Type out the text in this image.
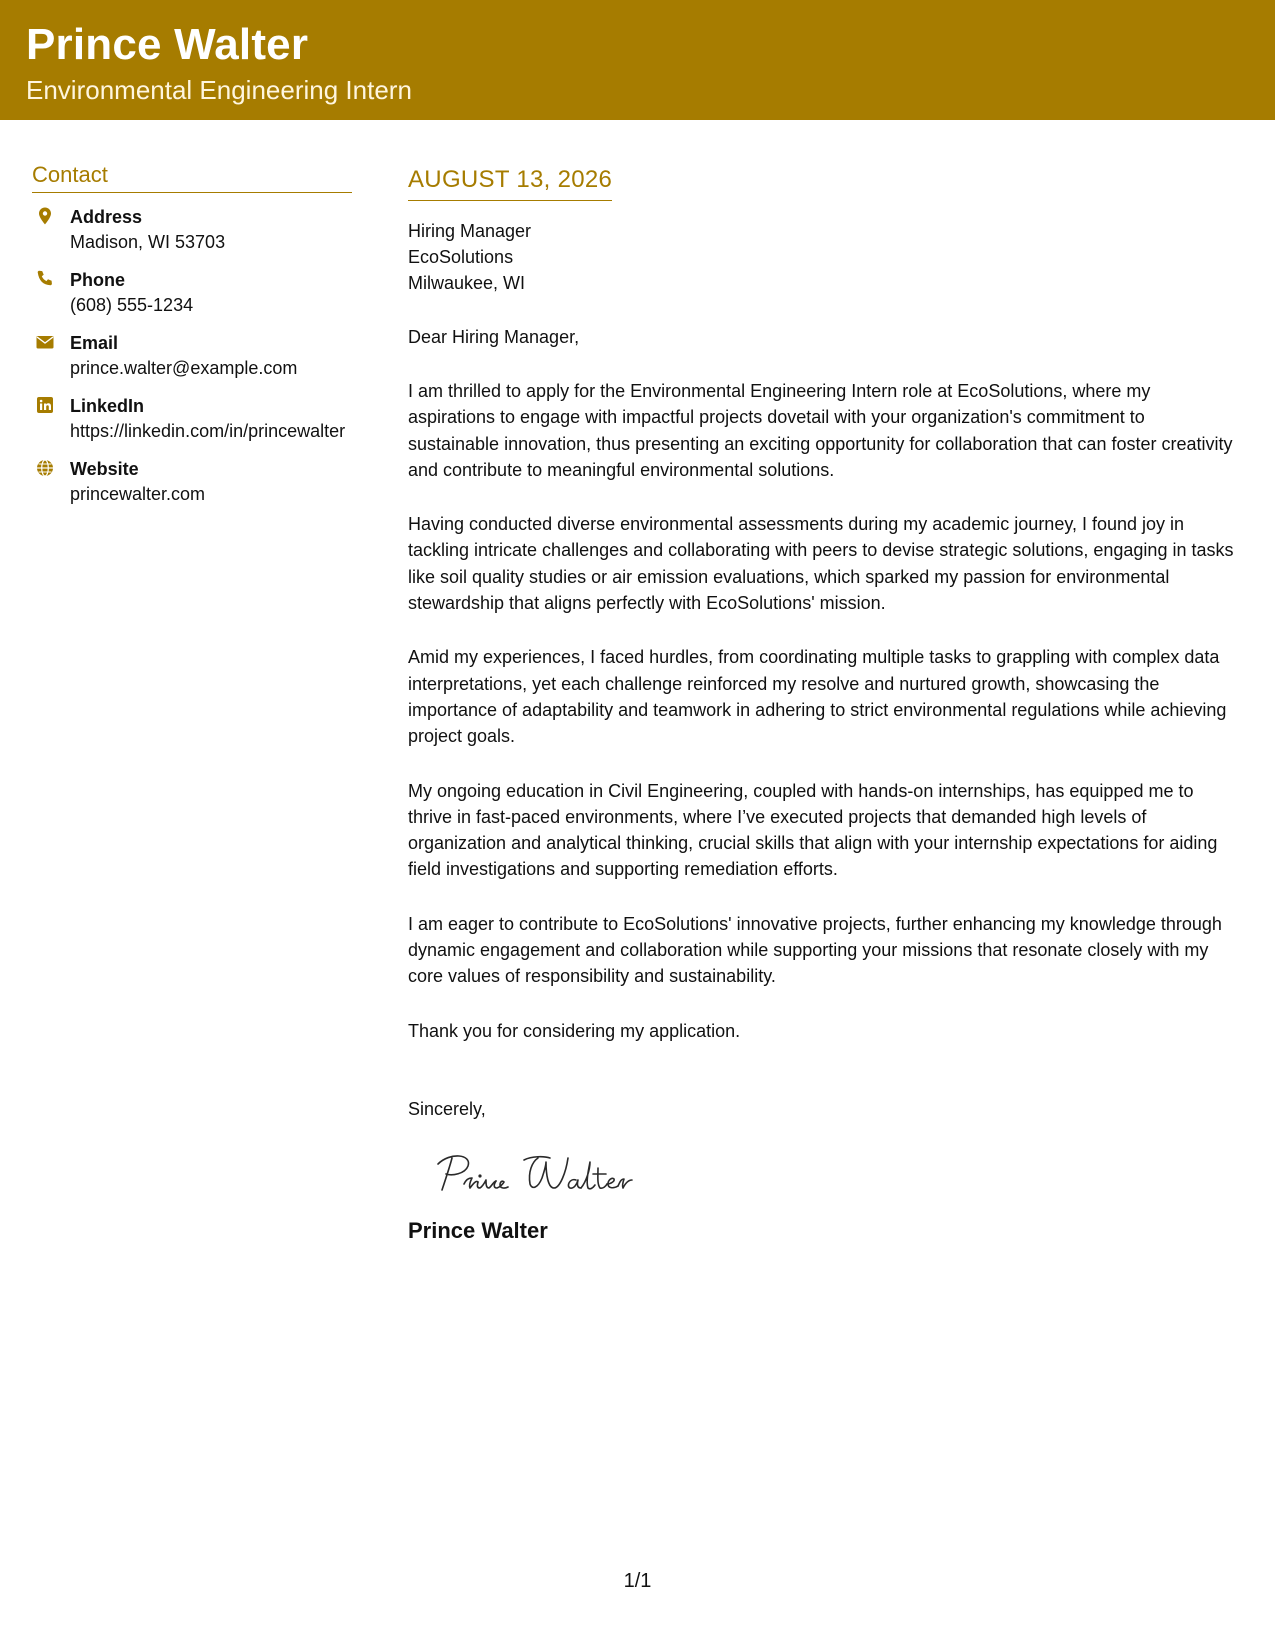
Prince Walter
Environmental Engineering Intern
Contact
Address
Madison, WI 53703
Phone
(608) 555-1234
Email
prince.walter@example.com
LinkedIn
https://linkedin.com/in/princewalter
Website
princewalter.com
AUGUST 13, 2026
Hiring Manager
EcoSolutions
Milwaukee, WI

Dear Hiring Manager,

I am thrilled to apply for the Environmental Engineering Intern role at EcoSolutions, where my aspirations to engage with impactful projects dovetail with your organization's commitment to sustainable innovation, thus presenting an exciting opportunity for collaboration that can foster creativity and contribute to meaningful environmental solutions.

Having conducted diverse environmental assessments during my academic journey, I found joy in tackling intricate challenges and collaborating with peers to devise strategic solutions, engaging in tasks like soil quality studies or air emission evaluations, which sparked my passion for environmental stewardship that aligns perfectly with EcoSolutions' mission.

Amid my experiences, I faced hurdles, from coordinating multiple tasks to grappling with complex data interpretations, yet each challenge reinforced my resolve and nurtured growth, showcasing the importance of adaptability and teamwork in adhering to strict environmental regulations while achieving project goals.

My ongoing education in Civil Engineering, coupled with hands-on internships, has equipped me to thrive in fast-paced environments, where I’ve executed projects that demanded high levels of organization and analytical thinking, crucial skills that align with your internship expectations for aiding field investigations and supporting remediation efforts.

I am eager to contribute to EcoSolutions' innovative projects, further enhancing my knowledge through dynamic engagement and collaboration while supporting your missions that resonate closely with my core values of responsibility and sustainability.

Thank you for considering my application.

Sincerely,

Prince Walter
1/1
